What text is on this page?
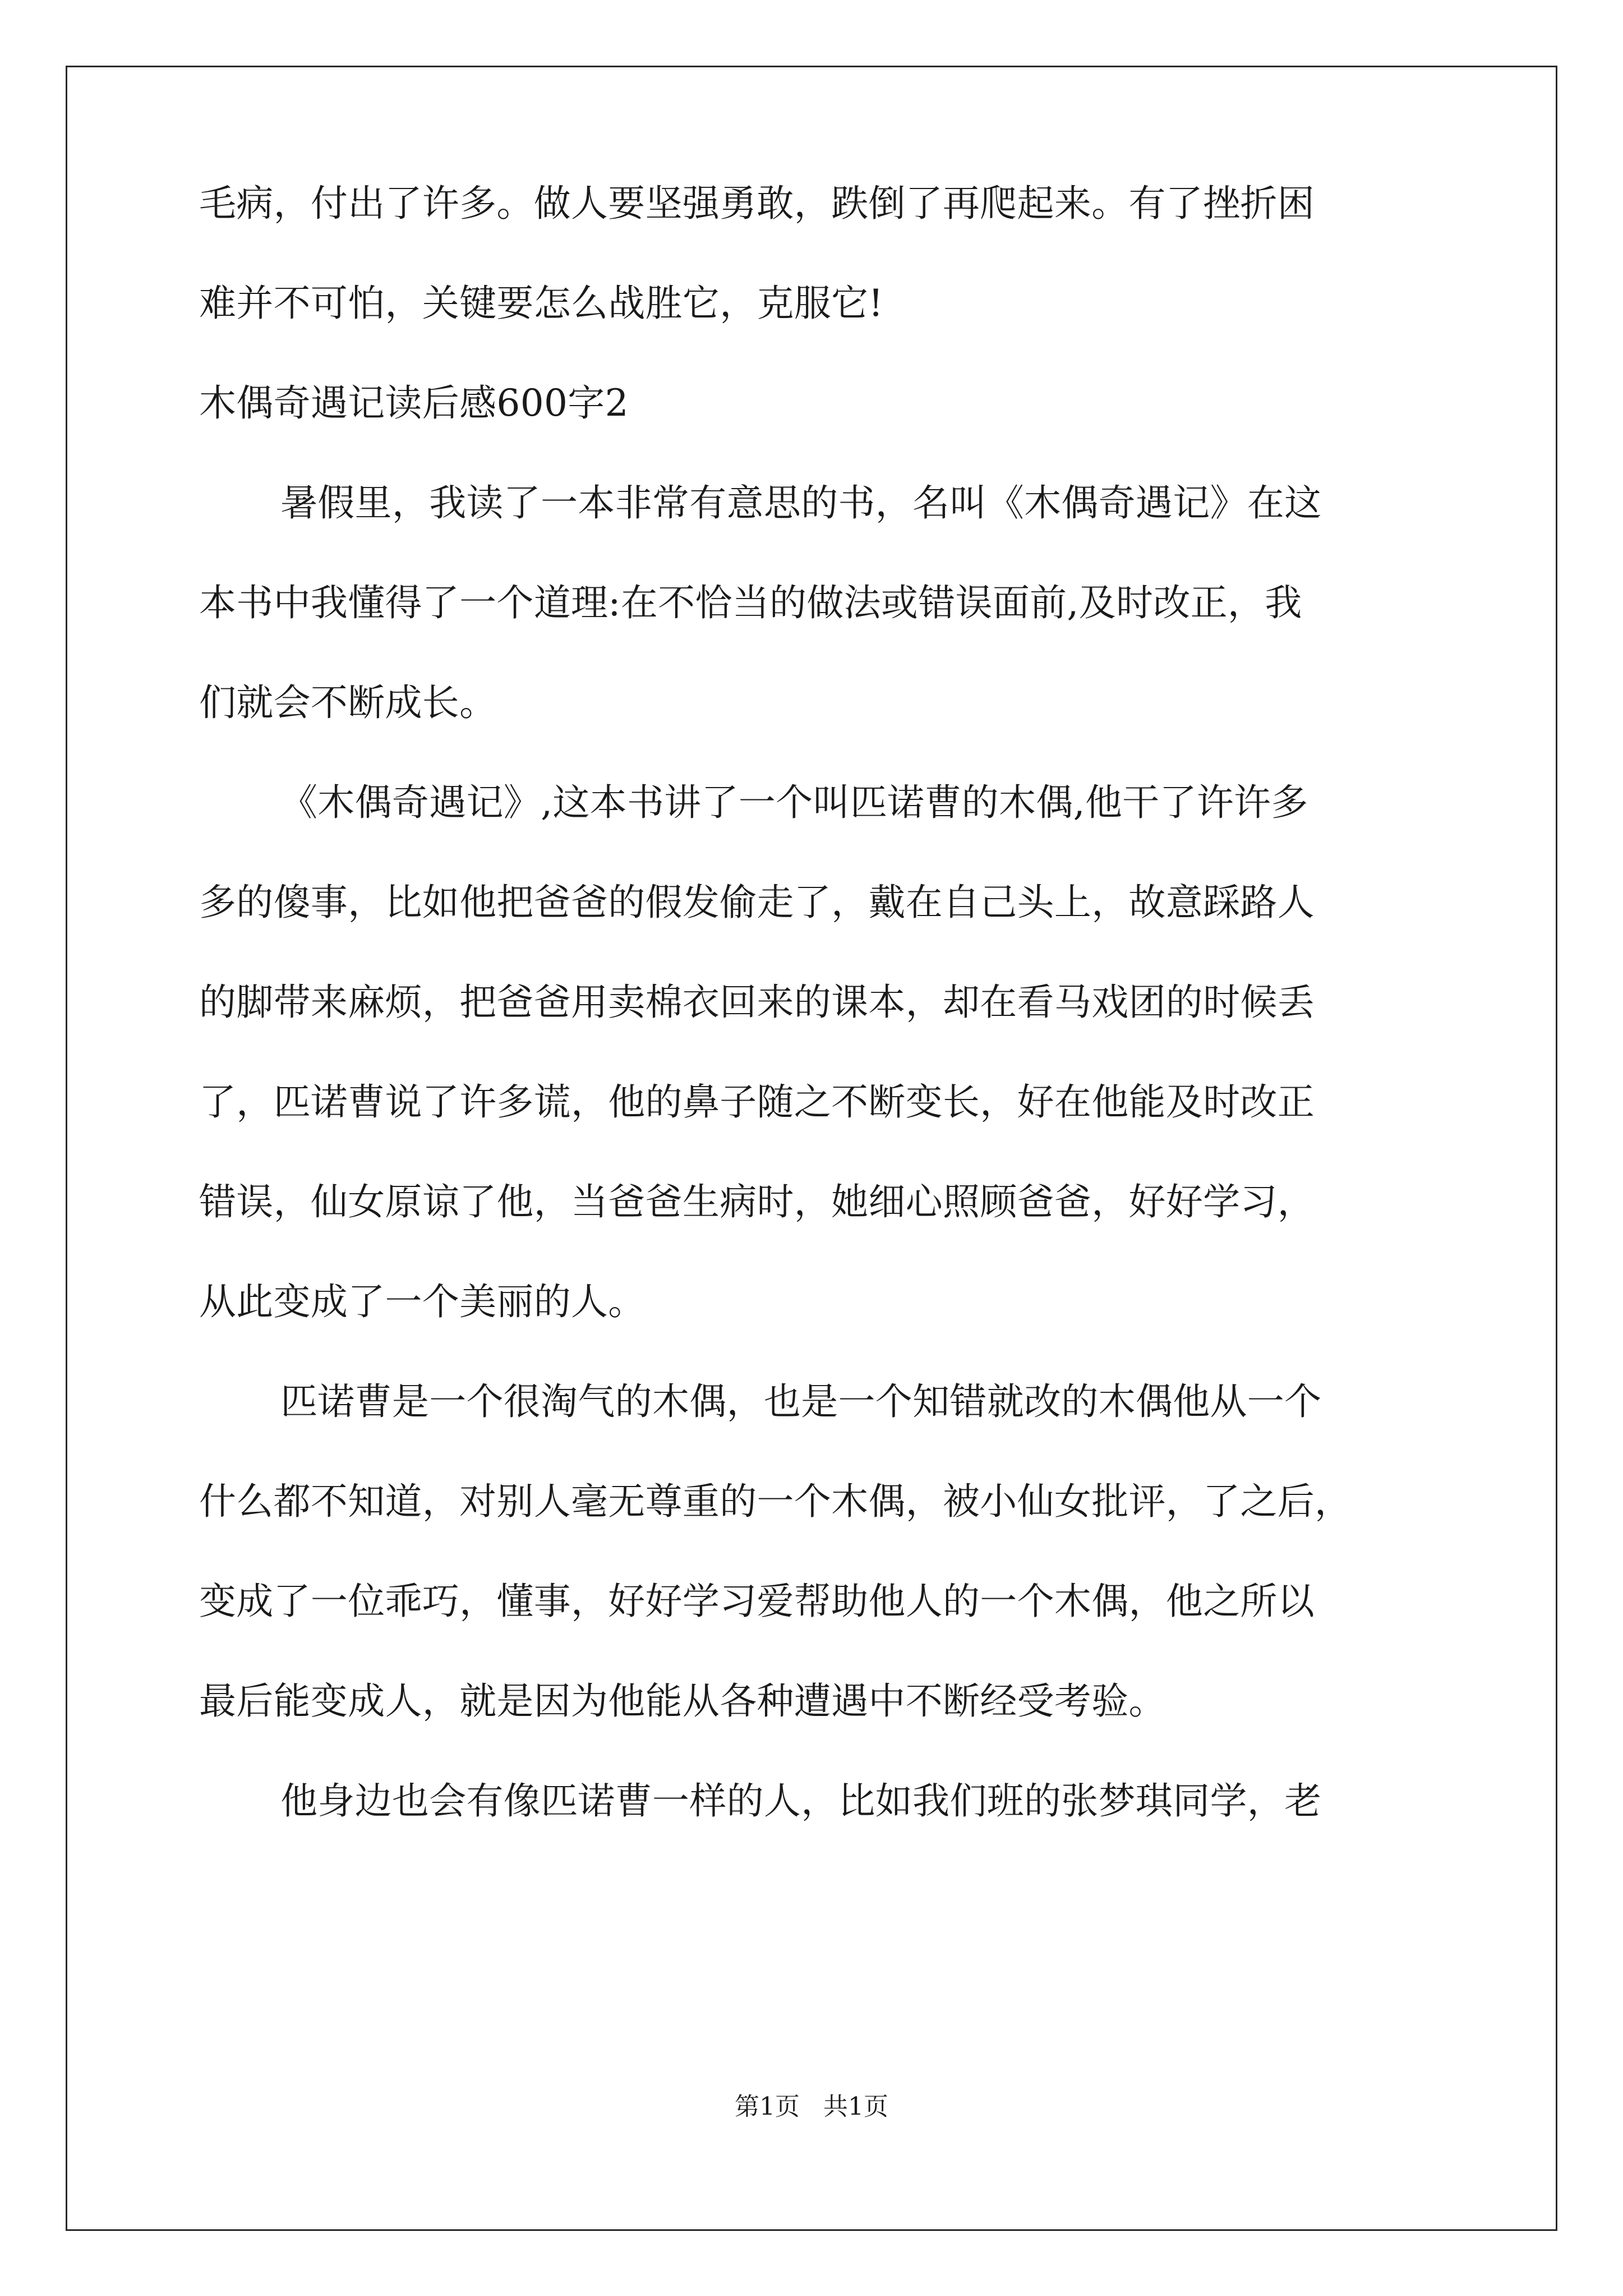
毛病，付出了许多。做人要坚强勇敢，跌倒了再爬起来。有了挫折困
难并不可怕，关键要怎么战胜它，克服它!
木偶奇遇记读后感600字2
暑假里，我读了一本非常有意思的书，名叫《木偶奇遇记》在这
本书中我懂得了一个道理:在不恰当的做法或错误面前,及时改正，我
们就会不断成长。
《木偶奇遇记》,这本书讲了一个叫匹诺曹的木偶,他干了许许多
多的傻事，比如他把爸爸的假发偷走了，戴在自己头上，故意踩路人
的脚带来麻烦，把爸爸用卖棉衣回来的课本，却在看马戏团的时候丢
了，匹诺曹说了许多谎，他的鼻子随之不断变长，好在他能及时改正
错误，仙女原谅了他，当爸爸生病时，她细心照顾爸爸，好好学习，
从此变成了一个美丽的人。
匹诺曹是一个很淘气的木偶，也是一个知错就改的木偶他从一个
什么都不知道，对别人毫无尊重的一个木偶，被小仙女批评，了之后，
变成了一位乖巧，懂事，好好学习爱帮助他人的一个木偶，他之所以
最后能变成人，就是因为他能从各种遭遇中不断经受考验。
他身边也会有像匹诺曹一样的人，比如我们班的张梦琪同学，老
第1页   共1页
